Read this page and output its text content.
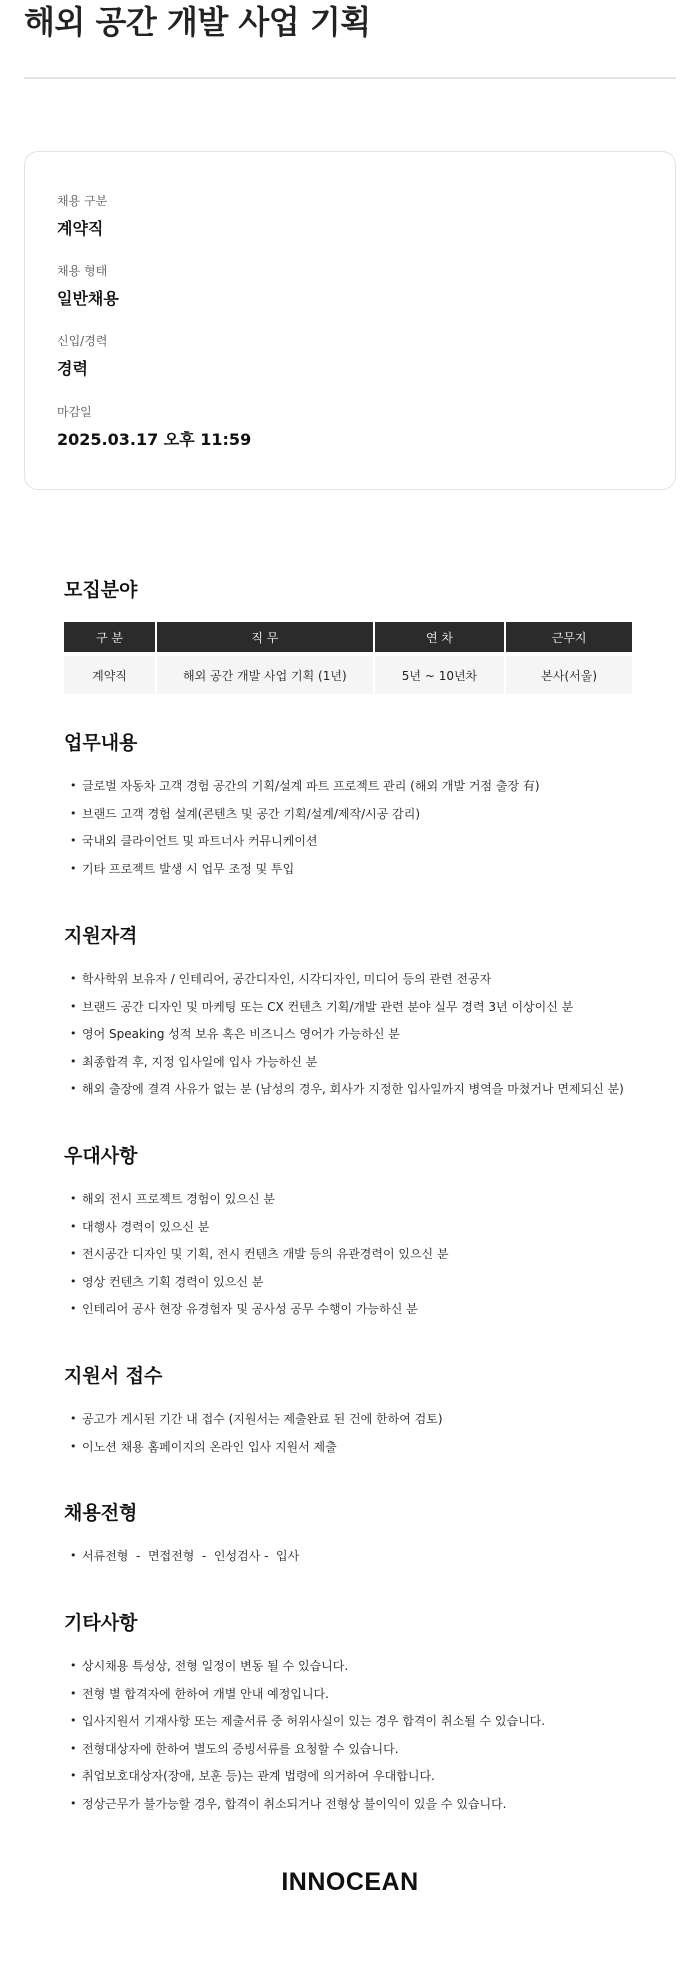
해외 공간 개발 사업 기획
채용 구분
계약직
채용 형태
일반채용
신입/경력
경력
마감일
2025.03.17 오후 11:59
모집분야
구 분	직 무	연 차	근무지
계약직	해외 공간 개발 사업 기획 (1년)	5년 ~ 10년차	본사(서울)
업무내용
• 글로벌 자동차 고객 경험 공간의 기획/설계 파트 프로젝트 관리 (해외 개발 거점 출장 有)
• 브랜드 고객 경험 설계(콘텐츠 및 공간 기획/설계/제작/시공 감리)
• 국내외 클라이언트 및 파트너사 커뮤니케이션
• 기타 프로젝트 발생 시 업무 조정 및 투입
지원자격
• 학사학위 보유자 / 인테리어, 공간디자인, 시각디자인, 미디어 등의 관련 전공자
• 브랜드 공간 디자인 및 마케팅 또는 CX 컨텐츠 기획/개발 관련 분야 실무 경력 3년 이상이신 분
• 영어 Speaking 성적 보유 혹은 비즈니스 영어가 가능하신 분
• 최종합격 후, 지정 입사일에 입사 가능하신 분
• 해외 출장에 결격 사유가 없는 분 (남성의 경우, 회사가 지정한 입사일까지 병역을 마쳤거나 면제되신 분)
우대사항
• 해외 전시 프로젝트 경험이 있으신 분
• 대행사 경력이 있으신 분
• 전시공간 디자인 및 기획, 전시 컨텐츠 개발 등의 유관경력이 있으신 분
• 영상 컨텐츠 기획 경력이 있으신 분
• 인테리어 공사 현장 유경험자 및 공사성 공무 수행이 가능하신 분
지원서 접수
• 공고가 게시된 기간 내 접수 (지원서는 제출완료 된 건에 한하여 검토)
• 이노션 채용 홈페이지의 온라인 입사 지원서 제출
채용전형
• 서류전형  -  면접전형  -  인성검사 -  입사
기타사항
• 상시채용 특성상, 전형 일정이 변동 될 수 있습니다.
• 전형 별 합격자에 한하여 개별 안내 예정입니다.
• 입사지원서 기재사항 또는 제출서류 중 허위사실이 있는 경우 합격이 취소될 수 있습니다.
• 전형대상자에 한하여 별도의 증빙서류를 요청할 수 있습니다.
• 취업보호대상자(장애, 보훈 등)는 관계 법령에 의거하여 우대합니다.
• 정상근무가 불가능할 경우, 합격이 취소되거나 전형상 불이익이 있을 수 있습니다.
INNOCEAN
